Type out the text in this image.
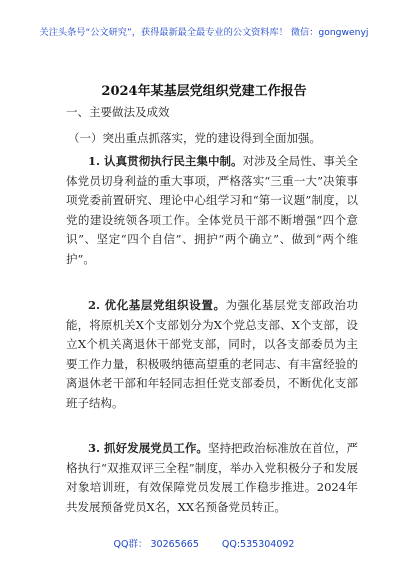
关注头条号“公文研究”，获得最新最全最专业的公文资料库！ 微信：gongwenyj
2024年某基层党组织党建工作报告
一、主要做法及成效
（一）突出重点抓落实，党的建设得到全面加强。

1. 认真贯彻执行民主集中制。对涉及全局性、事关全体党员切身利益的重大事项，严格落实“三重一大”决策事项党委前置研究、理论中心组学习和“第一议题”制度，以党的建设统领各项工作。全体党员干部不断增强“四个意识”、坚定“四个自信”、拥护“两个确立”、做到“两个维护”。

2. 优化基层党组织设置。为强化基层党支部政治功能，将原机关X个支部划分为X个党总支部、X个支部，设立X个机关离退休干部党支部，同时，以各支部委员为主要工作力量，积极吸纳德高望重的老同志、有丰富经验的离退休老干部和年轻同志担任党支部委员，不断优化支部班子结构。

3. 抓好发展党员工作。坚持把政治标准放在首位，严格执行“双推双评三全程”制度，举办入党积极分子和发展对象培训班，有效保障党员发展工作稳步推进。2024年共发展预备党员X名，XX名预备党员转正。

QQ群： 30265665 QQ:535304092
